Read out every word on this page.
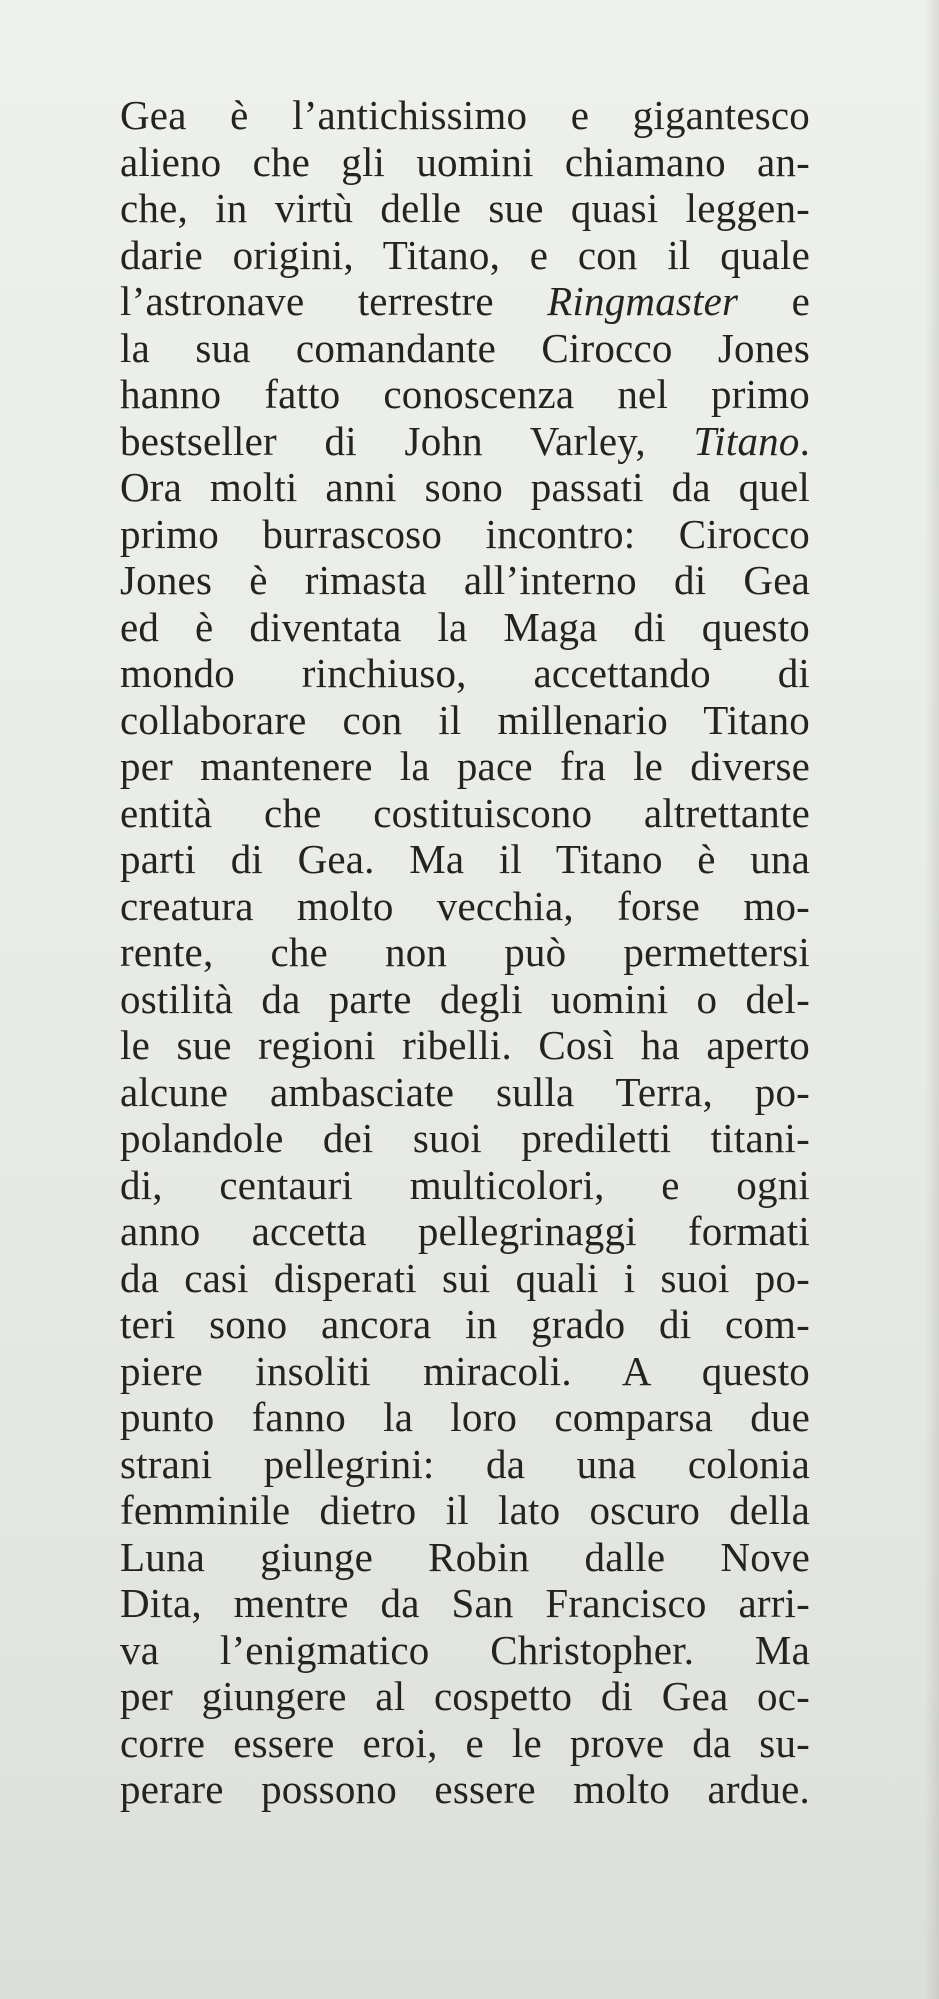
Gea è l’antichissimo e gigantesco
alieno che gli uomini chiamano an-
che, in virtù delle sue quasi leggen-
darie origini, Titano, e con il quale
l’astronave terrestre Ringmaster e
la sua comandante Cirocco Jones
hanno fatto conoscenza nel primo
bestseller di John Varley, Titano.
Ora molti anni sono passati da quel
primo burrascoso incontro: Cirocco
Jones è rimasta all’interno di Gea
ed è diventata la Maga di questo
mondo rinchiuso, accettando di
collaborare con il millenario Titano
per mantenere la pace fra le diverse
entità che costituiscono altrettante
parti di Gea. Ma il Titano è una
creatura molto vecchia, forse mo-
rente, che non può permettersi
ostilità da parte degli uomini o del-
le sue regioni ribelli. Così ha aperto
alcune ambasciate sulla Terra, po-
polandole dei suoi prediletti titani-
di, centauri multicolori, e ogni
anno accetta pellegrinaggi formati
da casi disperati sui quali i suoi po-
teri sono ancora in grado di com-
piere insoliti miracoli. A questo
punto fanno la loro comparsa due
strani pellegrini: da una colonia
femminile dietro il lato oscuro della
Luna giunge Robin dalle Nove
Dita, mentre da San Francisco arri-
va l’enigmatico Christopher. Ma
per giungere al cospetto di Gea oc-
corre essere eroi, e le prove da su-
perare possono essere molto ardue.
